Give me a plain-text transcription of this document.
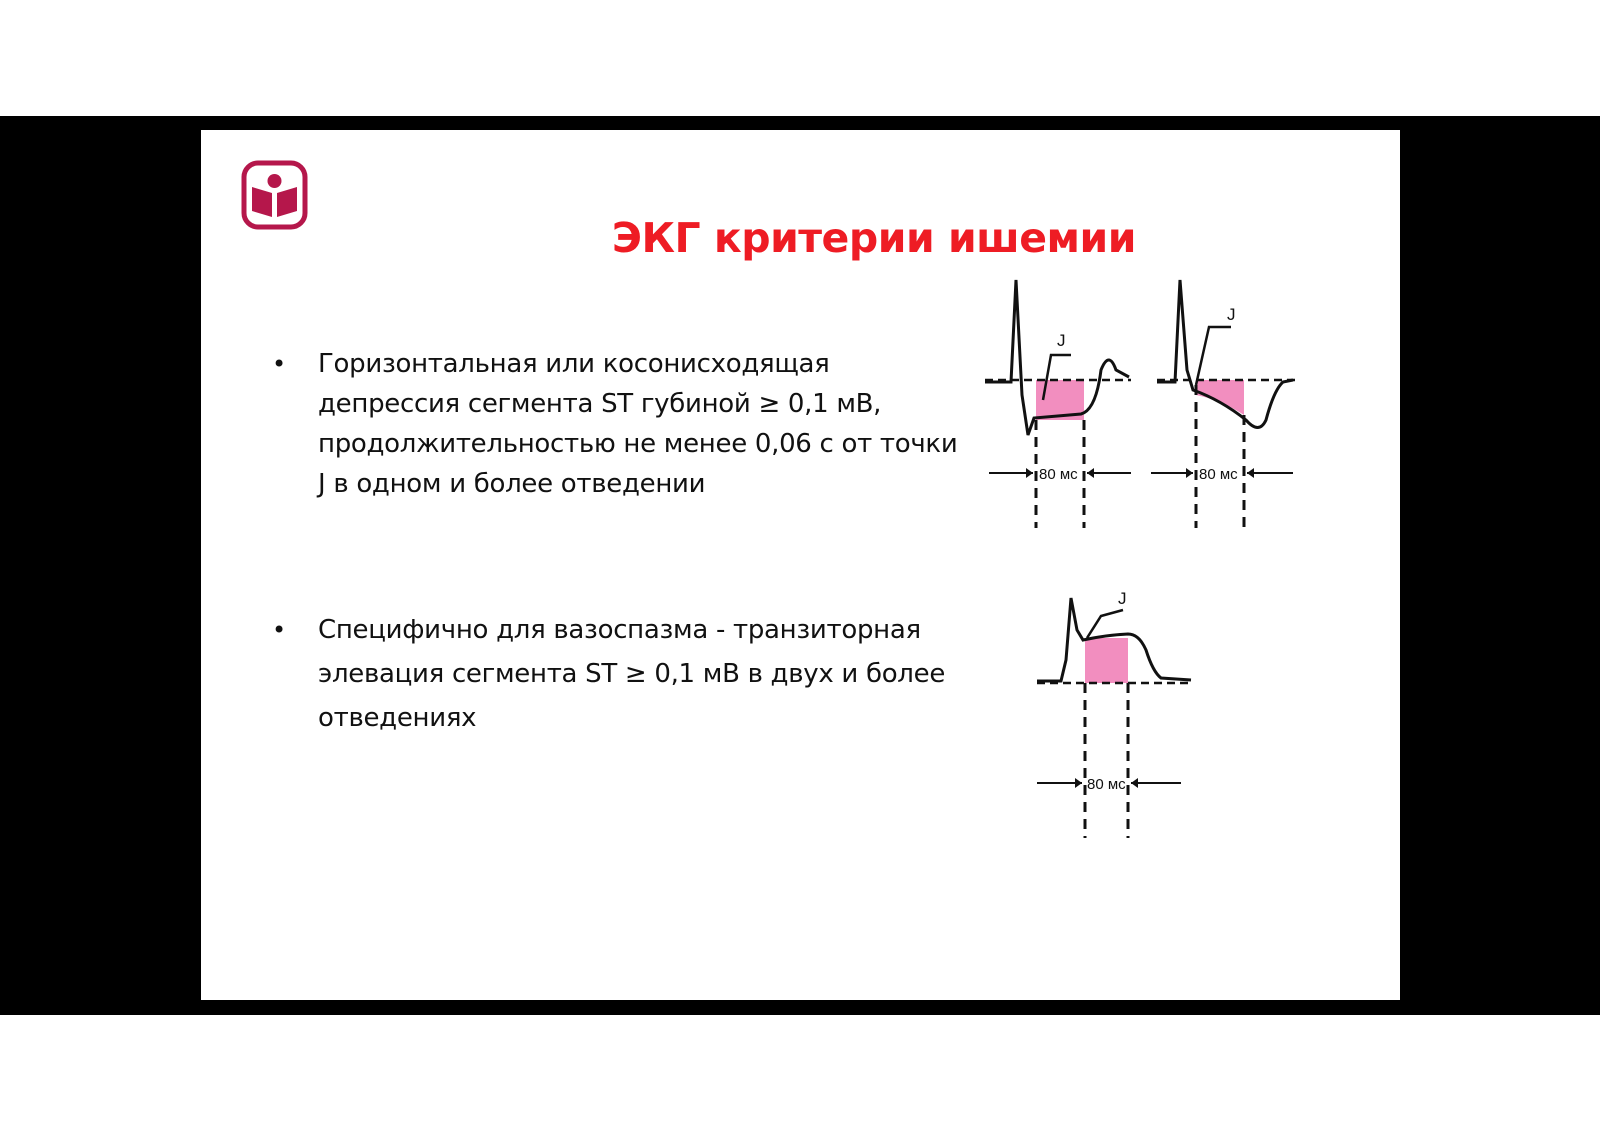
ЭКГ критерии ишемии
• Горизонтальная или косонисходящая
депрессия сегмента ST губиной ≥ 0,1 мВ,
продолжительностью не менее 0,06 с от точки
J в одном и более отведении
• Специфично для вазоспазма - транзиторная
элевация сегмента ST ≥ 0,1 мВ в двух и более
отведениях
J
80 мс
J
80 мс
J
80 мс
